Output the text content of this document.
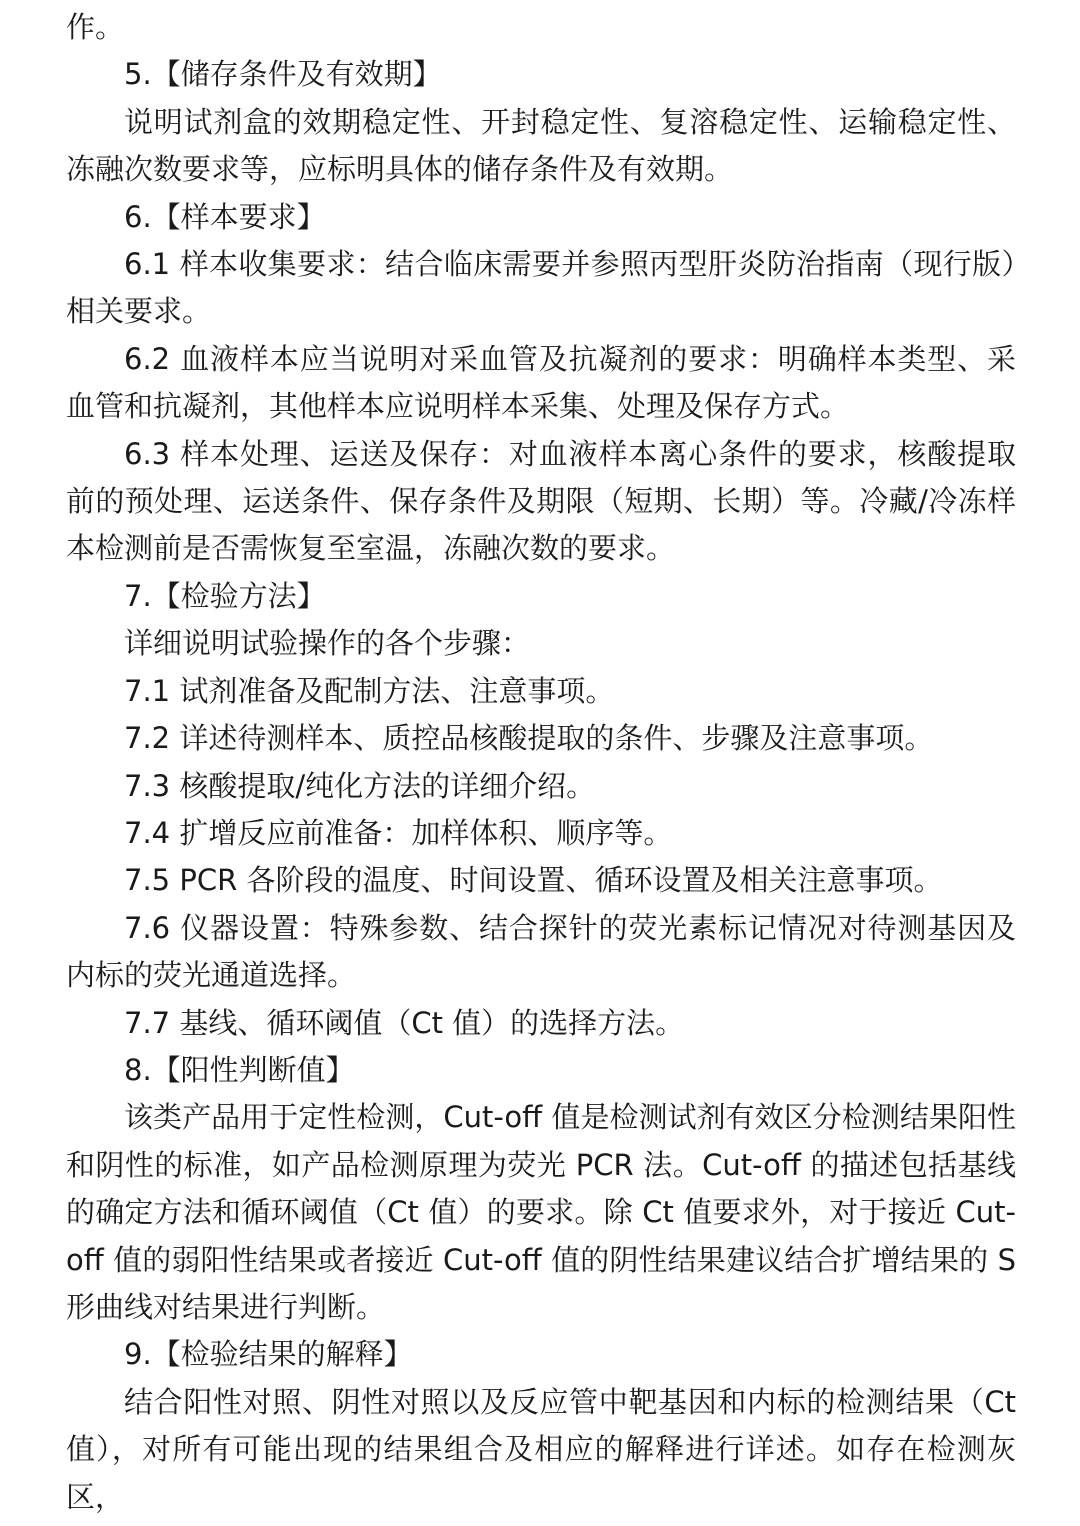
作。

5.【储存条件及有效期】

说明试剂盒的效期稳定性、开封稳定性、复溶稳定性、运输稳定性、冻融次数要求等，应标明具体的储存条件及有效期。

6.【样本要求】

6.1 样本收集要求：结合临床需要并参照丙型肝炎防治指南（现行版）相关要求。

6.2 血液样本应当说明对采血管及抗凝剂的要求：明确样本类型、采血管和抗凝剂，其他样本应说明样本采集、处理及保存方式。

6.3 样本处理、运送及保存：对血液样本离心条件的要求，核酸提取前的预处理、运送条件、保存条件及期限（短期、长期）等。冷藏/冷冻样本检测前是否需恢复至室温，冻融次数的要求。

7.【检验方法】

详细说明试验操作的各个步骤：

7.1 试剂准备及配制方法、注意事项。

7.2 详述待测样本、质控品核酸提取的条件、步骤及注意事项。

7.3 核酸提取/纯化方法的详细介绍。

7.4 扩增反应前准备：加样体积、顺序等。

7.5 PCR 各阶段的温度、时间设置、循环设置及相关注意事项。

7.6 仪器设置：特殊参数、结合探针的荧光素标记情况对待测基因及内标的荧光通道选择。

7.7 基线、循环阈值（Ct 值）的选择方法。

8.【阳性判断值】

该类产品用于定性检测，Cut-off 值是检测试剂有效区分检测结果阳性和阴性的标准，如产品检测原理为荧光 PCR 法。Cut-off 的描述包括基线的确定方法和循环阈值（Ct 值）的要求。除 Ct 值要求外，对于接近 Cut-off 值的弱阳性结果或者接近 Cut-off 值的阴性结果建议结合扩增结果的 S 形曲线对结果进行判断。

9.【检验结果的解释】

结合阳性对照、阴性对照以及反应管中靶基因和内标的检测结果（Ct 值），对所有可能出现的结果组合及相应的解释进行详述。如存在检测灰区，
